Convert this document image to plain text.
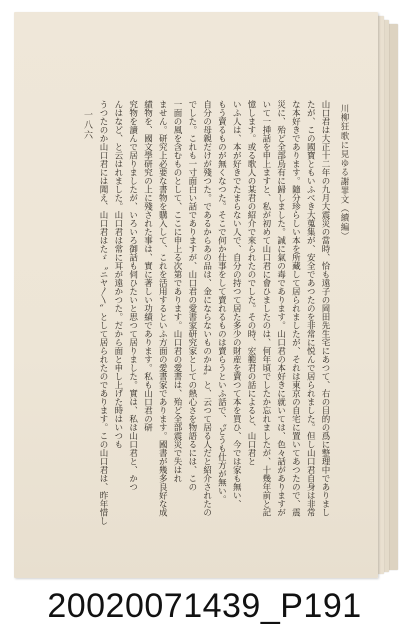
川柳狂歌に見ゆる謝罪文（續編）
一八六	山口君は大正十二年の九月大震災の當時、恰も遠子の岡田先生宅にあつて、右の目的の爲に整理中でありまし
たが、この國寶ともいふべき大蒐集が、安全であつたのを非常に悦んで居られました。但し山口君自身は非常
な本好きであります。隨分珍らしい本を所藏して居られましたが、それは東京の自宅に置いてあつたので、震
災に、殆ど全部烏有に歸しました。誠に氣の毒であります。山口君の本好きに就いては、色々話がありますが
いて一挿話を申上ますと、私が初めて山口君に會ひましたのは、何年頃でしたか忘れましたが、十幾年前と記
憶します。或る歌人の某君の紹介で來られたのでした。その時、宏範君の話によると、山口君と
いふ人は、本が好きでたまらない人で、自分の持つて居た多少の財産を賣つて本を買ひ、今では家も無い、
もう賣るものが無くなつた。そこで何か仕事をして賣れるものは賣らうといふ話で、〝どうも仕方が無い。
自分の母親だけが殘つた。であるからあの品は、金にならないものかね〟と、云つて居る人だと紹介されたの
でした。これも一寸面白い話でありますが、山口君の愛書家研究家としての熱心さを物語るには、この
一面の風を含むものとして、ここに申上る次第であります。山口君の愛書は、殆ど全部震災で失はれ
ません。研究上必要な書物を購入して、これを活用するといふ方面の愛書家であります。國書が幾多良好な成
績物を、國文學研究の上に殘された事は、實に著しい功績であります。私も山口君の研
究物を讀んで居りましたが、いろいろ御話も伺ひたいと思つて居りました。實は、私は山口君と、かつ
んはなど、と云はれました。山口君は常に耳が遠かつた。だから面と申し上げた時はいつも
うつたのか山口君には聞え、山口君はたゞ〝ニヤ〳〵〟として居られたのであります。この山口君は、昨年惜し
20020071439_P191
